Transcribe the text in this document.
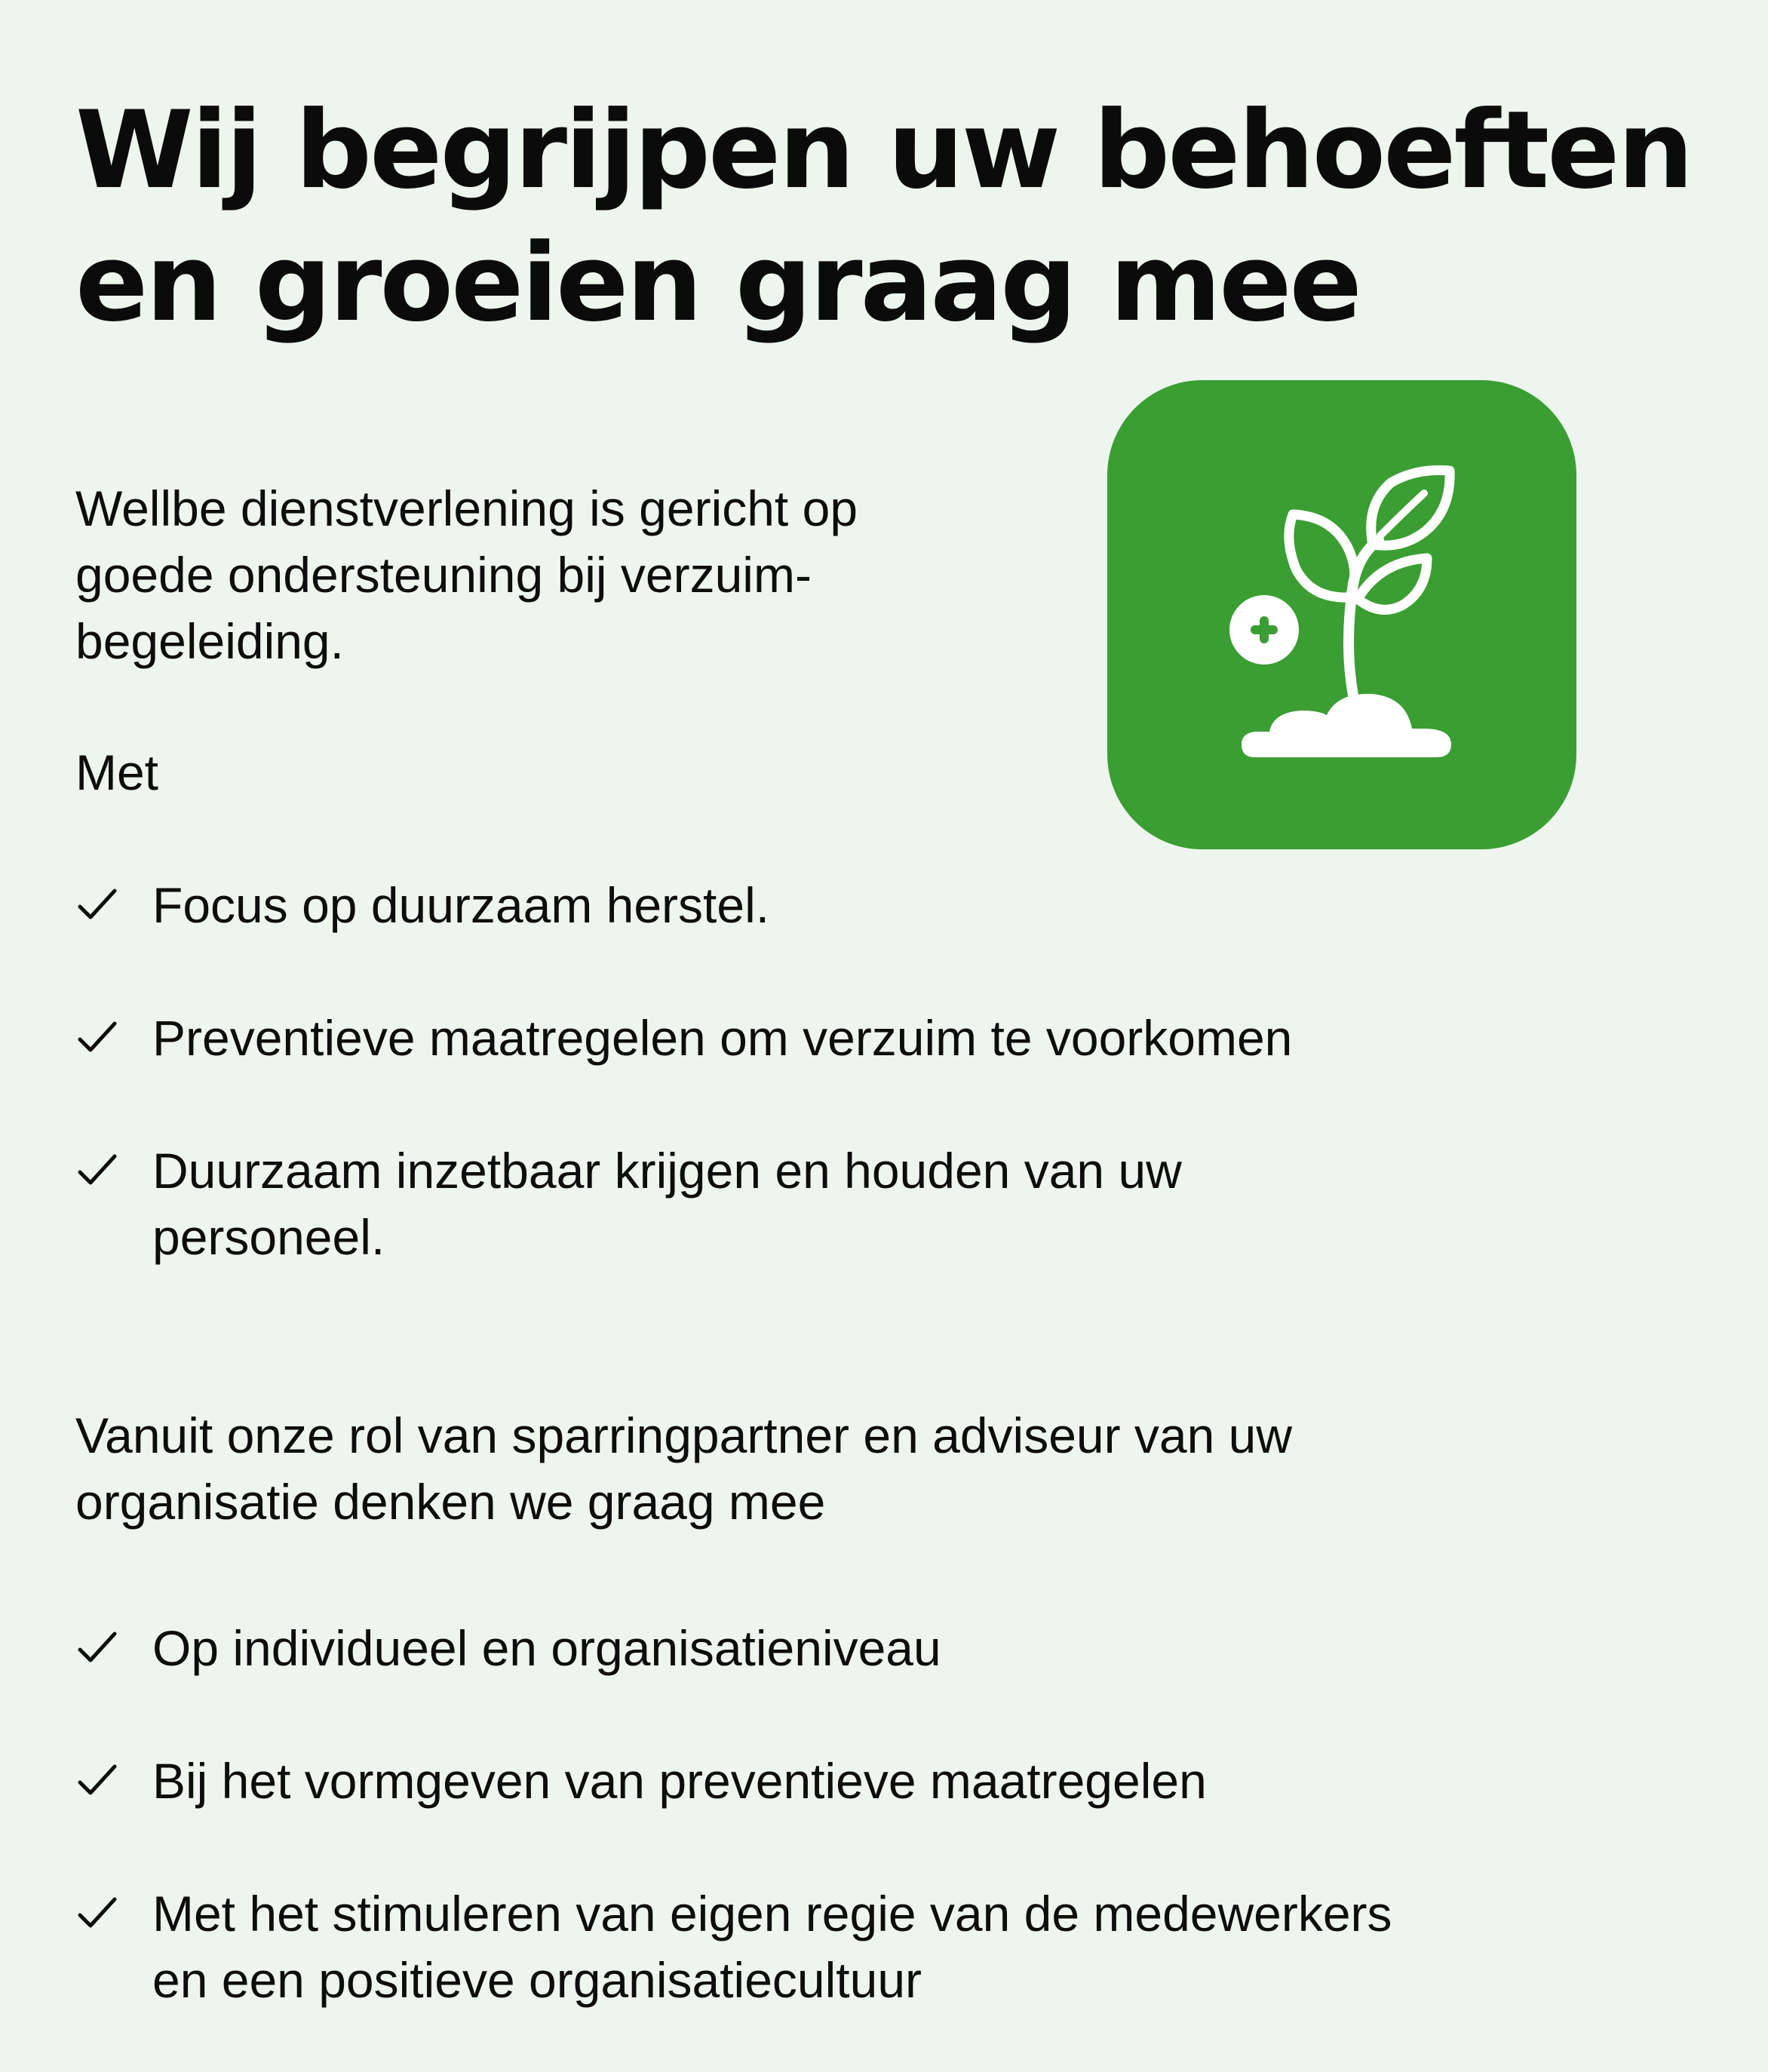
Wij begrijpen uw behoeften
en groeien graag mee
Wellbe dienstverlening is gericht op
goede ondersteuning bij verzuim-
begeleiding.
Met
Focus op duurzaam herstel.
Preventieve maatregelen om verzuim te voorkomen
Duurzaam inzetbaar krijgen en houden van uw
personeel.
Vanuit onze rol van sparringpartner en adviseur van uw
organisatie denken we graag mee
Op individueel en organisatieniveau
Bij het vormgeven van preventieve maatregelen
Met het stimuleren van eigen regie van de medewerkers
en een positieve organisatiecultuur
